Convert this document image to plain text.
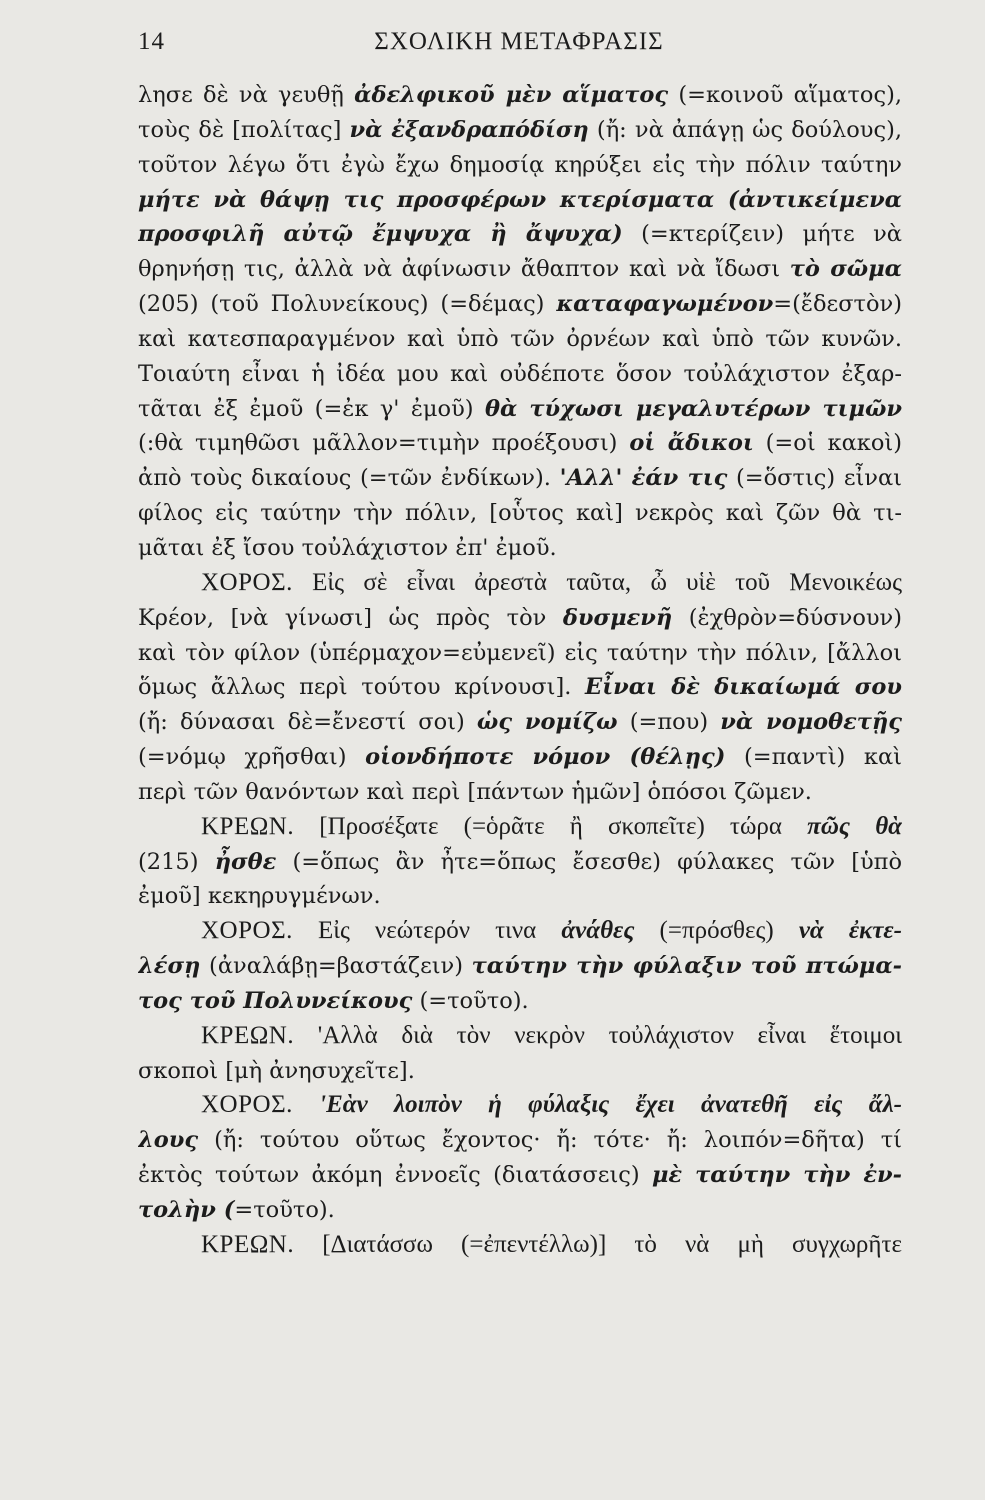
14	ΣΧΟΛΙΚΗ ΜΕΤΑΦΡΑΣΙΣ
λησε δὲ νὰ γευθῇ ἀδελφικοῦ μὲν αἵματος (=κοινοῦ αἵματος),
τοὺς δὲ [πολίτας] νὰ ἐξανδραπόδίση (ἤ: νὰ ἀπάγῃ ὡς δούλους),
τοῦτον λέγω ὅτι ἐγὼ ἔχω δημοσίᾳ κηρύξει εἰς τὴν πόλιν ταύτην
μήτε νὰ θάψῃ τις προσφέρων κτερίσματα (ἀντικείμενα
προσφιλῆ αὐτῷ ἔμψυχα ἢ ἄψυχα) (=κτερίζειν) μήτε νὰ
θρηνήσῃ τις, ἀλλὰ νὰ ἀφίνωσιν ἄθαπτον καὶ νὰ ἴδωσι τὸ σῶμα
(205) (τοῦ Πολυνείκους) (=δέμας) καταφαγωμένον=(ἔδεστὸν)
καὶ κατεσπαραγμένον καὶ ὑπὸ τῶν ὀρνέων καὶ ὑπὸ τῶν κυνῶν.
Τοιαύτη εἶναι ἡ ἰδέα μου καὶ οὐδέποτε ὅσον τοὐλάχιστον ἐξαρ-
τᾶται ἐξ ἐμοῦ (=ἐκ γ' ἐμοῦ) θὰ τύχωσι μεγαλυτέρων τιμῶν
(:θὰ τιμηθῶσι μᾶλλον=τιμὴν προέξουσι) οἱ ἄδικοι (=οἱ κακοὶ)
ἀπὸ τοὺς δικαίους (=τῶν ἐνδίκων). 'Αλλ' ἐάν τις (=ὅστις) εἶναι
φίλος εἰς ταύτην τὴν πόλιν, [οὗτος καὶ] νεκρὸς καὶ ζῶν θὰ τι-
μᾶται ἐξ ἴσου τοὐλάχιστον ἐπ' ἐμοῦ.
ΧΟΡΟΣ. Εἰς σὲ εἶναι ἀρεστὰ ταῦτα, ὦ υἱὲ τοῦ Μενοικέως
Κρέον, [νὰ γίνωσι] ὡς πρὸς τὸν δυσμενῆ (ἐχθρὸν=δύσνουν)
καὶ τὸν φίλον (ὑπέρμαχον=εὐμενεῖ) εἰς ταύτην τὴν πόλιν, [ἄλλοι
ὅμως ἄλλως περὶ τούτου κρίνουσι]. Εἶναι δὲ δικαίωμά σου
(ἤ: δύνασαι δὲ=ἔνεστί σοι) ὡς νομίζω (=που) νὰ νομοθετῇς
(=νόμῳ χρῆσθαι) οἱονδήποτε νόμον (θέλῃς) (=παντὶ) καὶ
περὶ τῶν θανόντων καὶ περὶ [πάντων ἡμῶν] ὁπόσοι ζῶμεν.
ΚΡΕΩΝ. [Προσέξατε (=ὁρᾶτε ἢ σκοπεῖτε) τώρα πῶς θὰ
(215) ἦσθε (=ὅπως ἂν ἦτε=ὅπως ἔσεσθε) φύλακες τῶν [ὑπὸ
ἐμοῦ] κεκηρυγμένων.
ΧΟΡΟΣ. Εἰς νεώτερόν τινα ἀνάθες (=πρόσθες) νὰ ἐκτε-
λέσῃ (ἀναλάβῃ=βαστάζειν) ταύτην τὴν φύλαξιν τοῦ πτώμα-
τος τοῦ Πολυνείκους (=τοῦτο).
ΚΡΕΩΝ. 'Αλλὰ διὰ τὸν νεκρὸν τοὐλάχιστον εἶναι ἕτοιμοι
σκοποὶ [μὴ ἀνησυχεῖτε].
ΧΟΡΟΣ. 'Εὰν λοιπὸν ἡ φύλαξις ἔχει ἀνατεθῆ εἰς ἄλ-
λους (ἤ: τούτου οὕτως ἔχοντος· ἤ: τότε· ἤ: λοιπόν=δῆτα) τί
ἐκτὸς τούτων ἀκόμη ἐννοεῖς (διατάσσεις) μὲ ταύτην τὴν ἐν-
τολὴν (=τοῦτο).
ΚΡΕΩΝ. [Διατάσσω (=ἐπεντέλλω)] τὸ νὰ μὴ συγχωρῆτε
